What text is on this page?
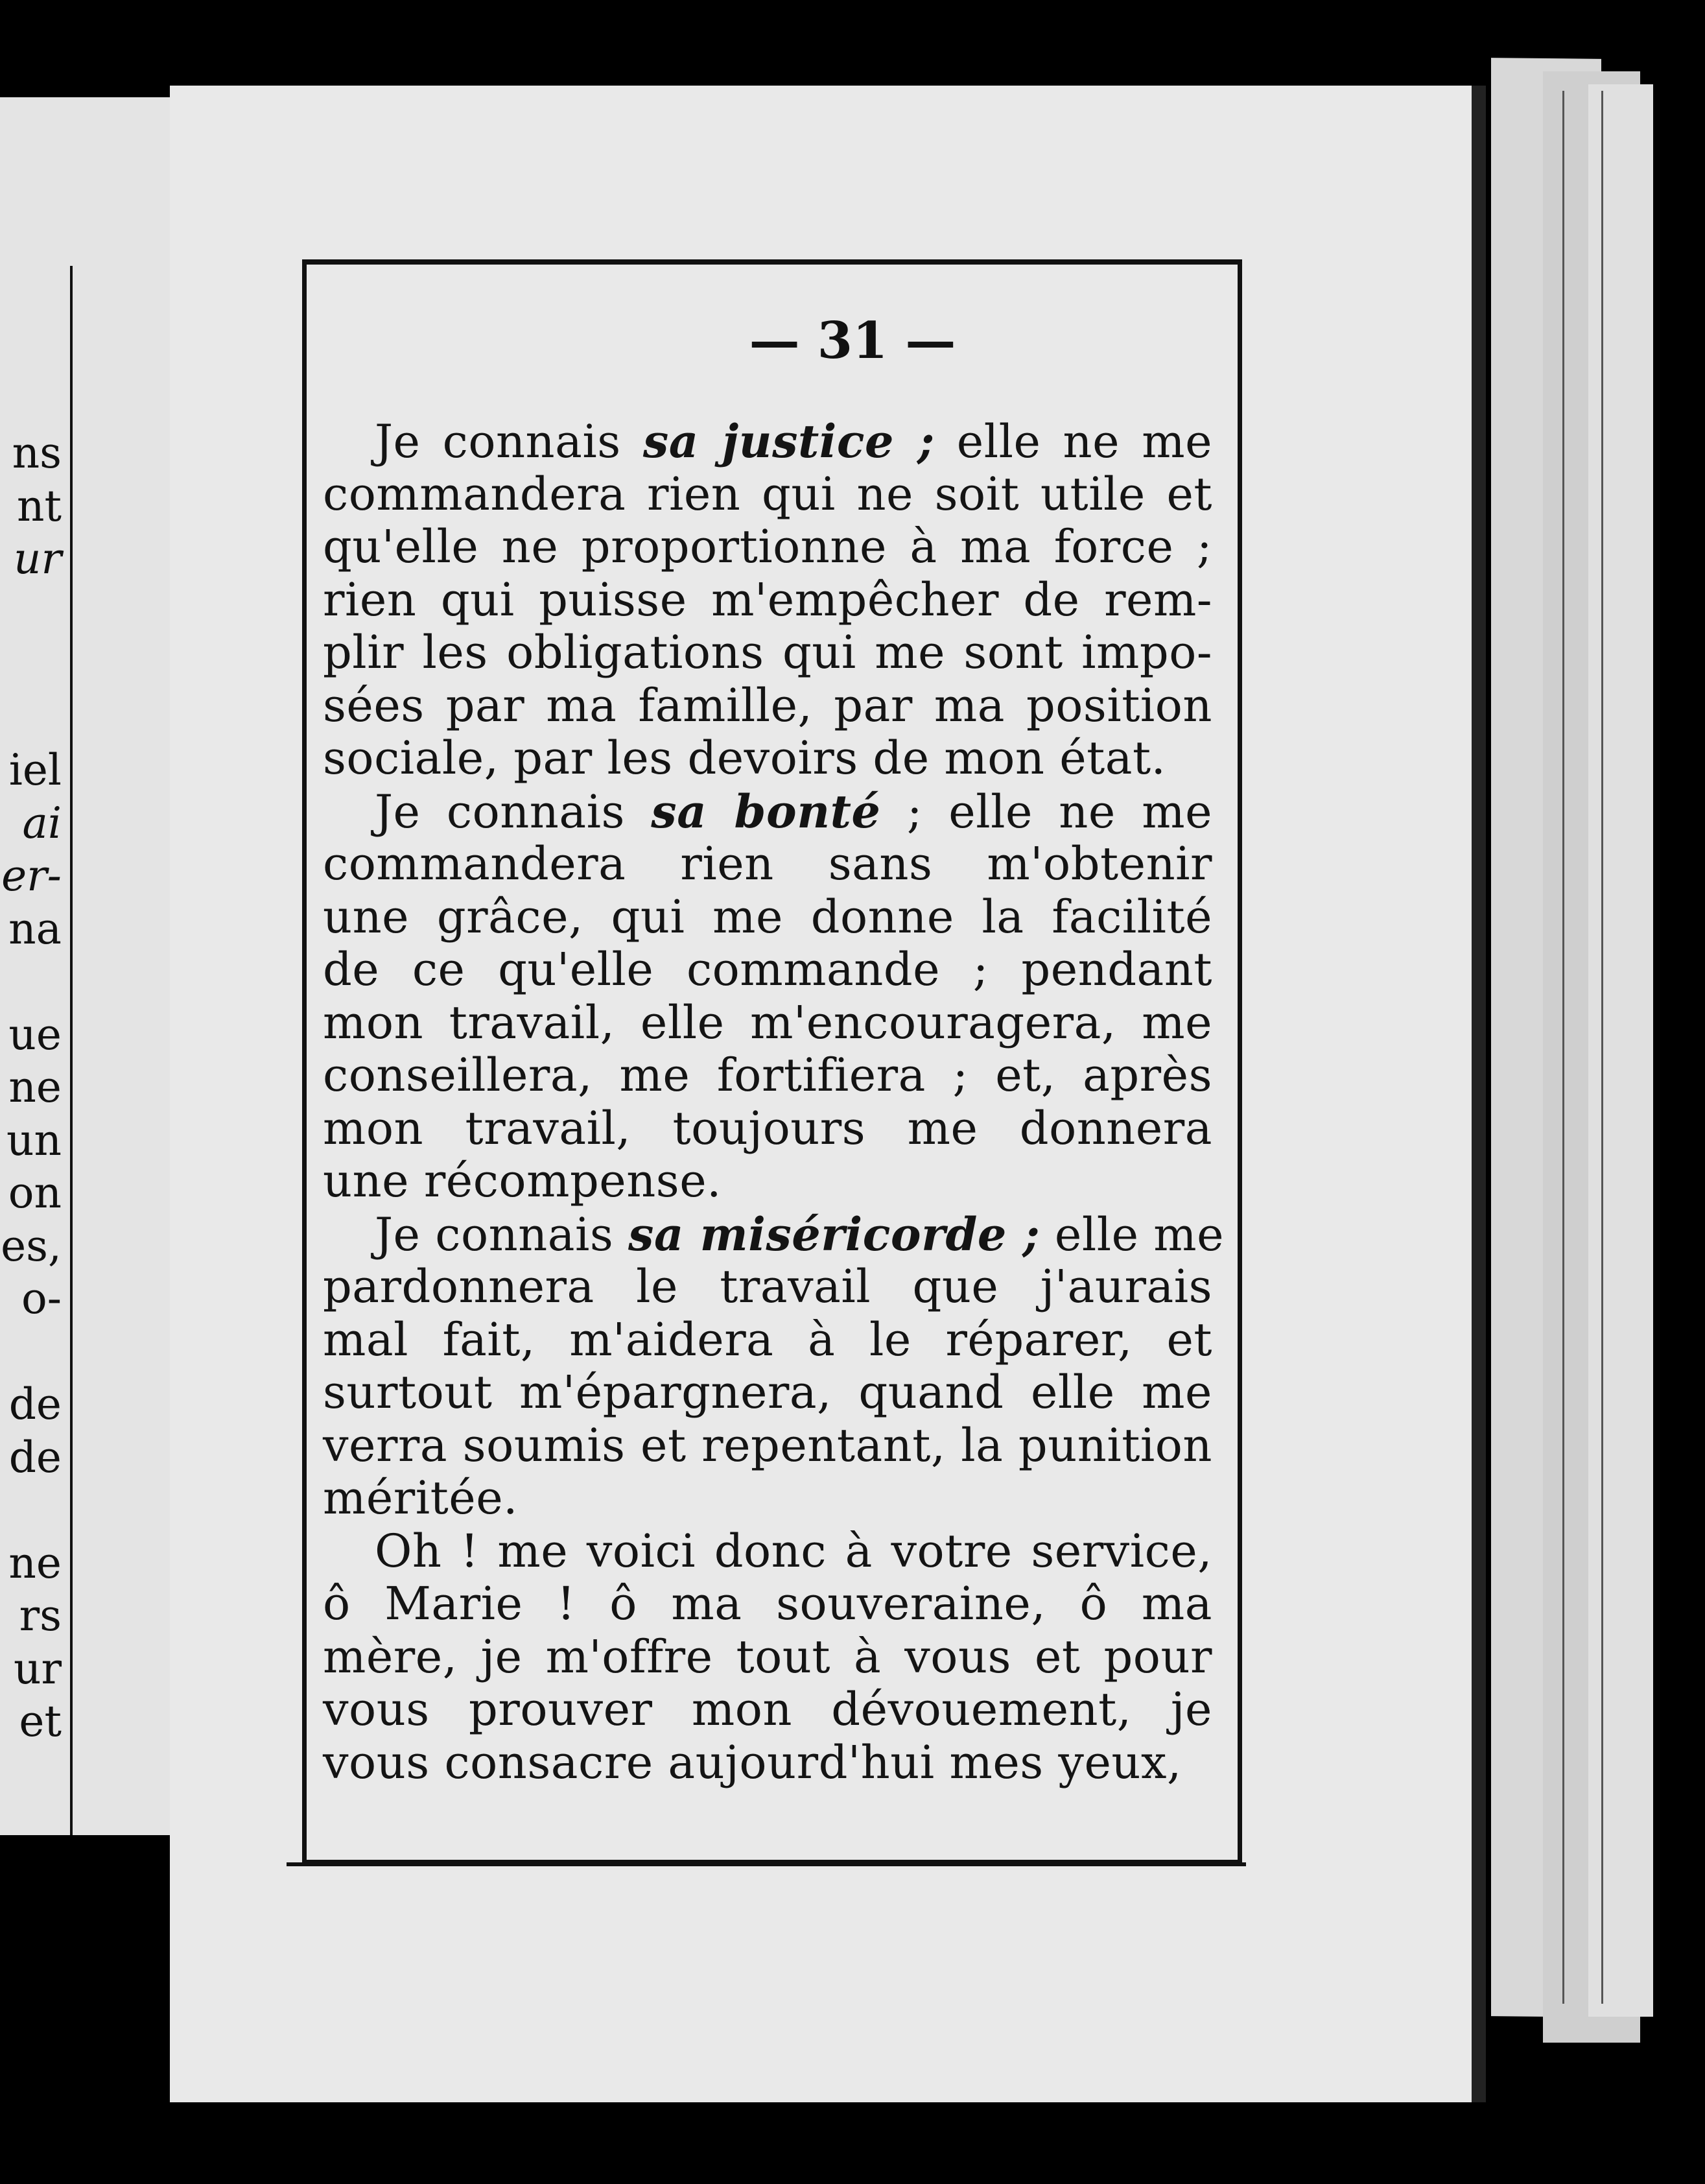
ns
nt
ur
iel
ai
er-
na
ue
ne
un
on
es,
o-
de
de
ne
rs
ur
et
— 31 —
Je connais sa justice ; elle ne me
commandera rien qui ne soit utile et
qu'elle ne proportionne à ma force ;
rien qui puisse m'empêcher de rem-
plir les obligations qui me sont impo-
sées par ma famille, par ma position
sociale, par les devoirs de mon état.
Je connais sa bonté ; elle ne me
commandera rien sans m'obtenir
une grâce, qui me donne la facilité
de ce qu'elle commande ; pendant
mon travail, elle m'encouragera, me
conseillera, me fortifiera ; et, après
mon travail, toujours me donnera
une récompense.
Je connais sa miséricorde ; elle me
pardonnera le travail que j'aurais
mal fait, m'aidera à le réparer, et
surtout m'épargnera, quand elle me
verra soumis et repentant, la punition
méritée.
Oh ! me voici donc à votre service,
ô Marie ! ô ma souveraine, ô ma
mère, je m'offre tout à vous et pour
vous prouver mon dévouement, je
vous consacre aujourd'hui mes yeux,
